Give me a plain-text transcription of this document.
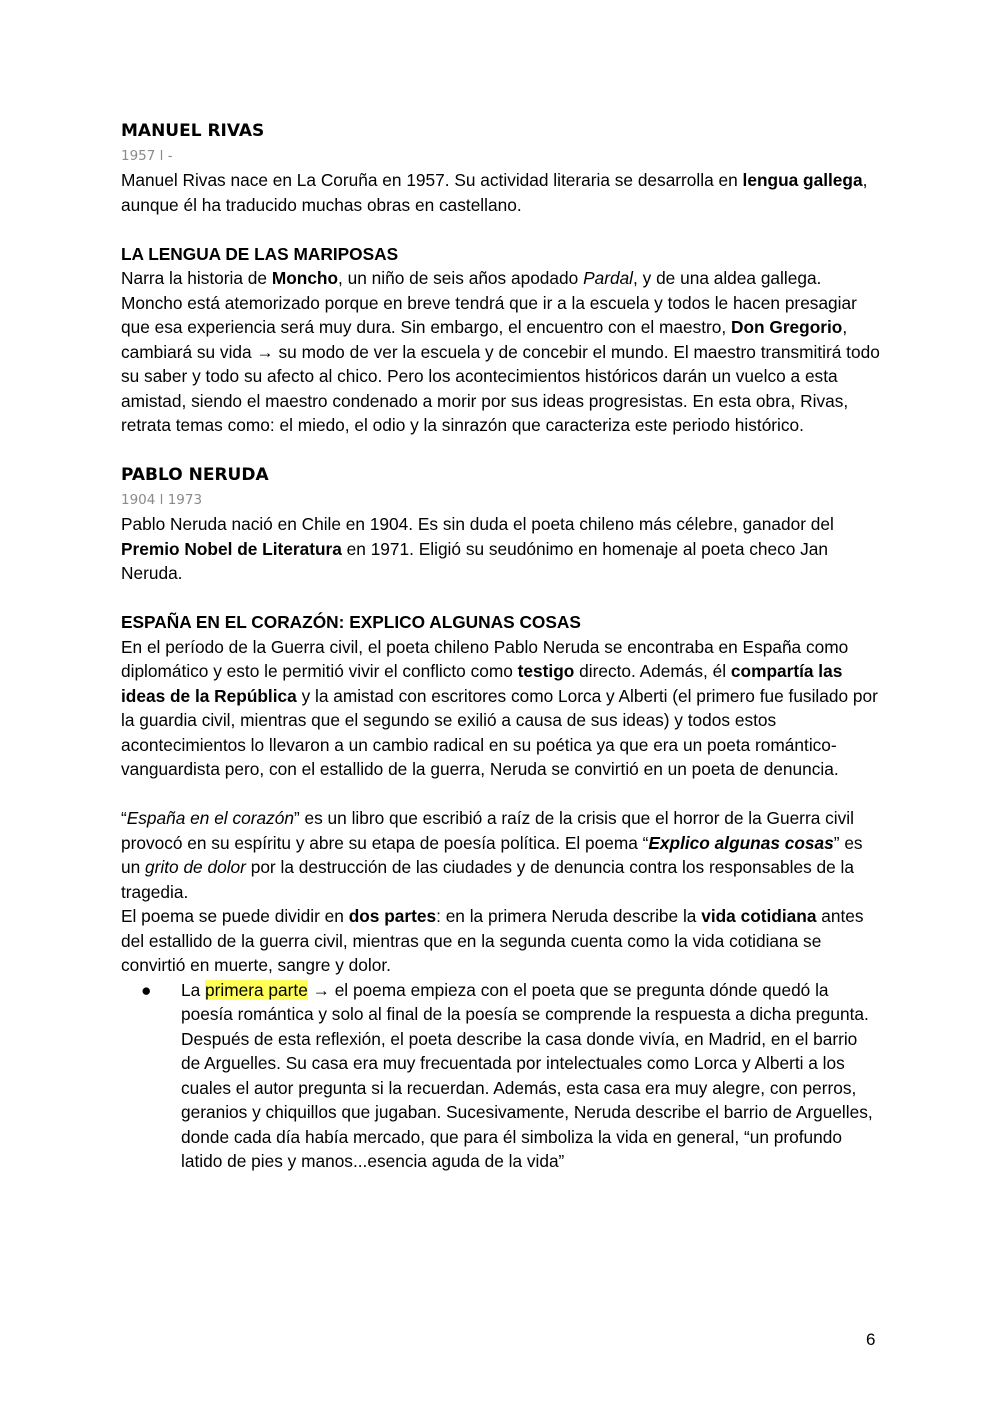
MANUEL RIVAS

1957 l -

Manuel Rivas nace en La Coruña en 1957. Su actividad literaria se desarrolla en lengua gallega, aunque él ha traducido muchas obras en castellano.

LA LENGUA DE LAS MARIPOSAS

Narra la historia de Moncho, un niño de seis años apodado Pardal, y de una aldea gallega. Moncho está atemorizado porque en breve tendrá que ir a la escuela y todos le hacen presagiar que esa experiencia será muy dura. Sin embargo, el encuentro con el maestro, Don Gregorio, cambiará su vida → su modo de ver la escuela y de concebir el mundo. El maestro transmitirá todo su saber y todo su afecto al chico. Pero los acontecimientos históricos darán un vuelco a esta amistad, siendo el maestro condenado a morir por sus ideas progresistas. En esta obra, Rivas, retrata temas como: el miedo, el odio y la sinrazón que caracteriza este periodo histórico.

PABLO NERUDA

1904 l 1973

Pablo Neruda nació en Chile en 1904. Es sin duda el poeta chileno más célebre, ganador del Premio Nobel de Literatura en 1971. Eligió su seudónimo en homenaje al poeta checo Jan Neruda.

ESPAÑA EN EL CORAZÓN: EXPLICO ALGUNAS COSAS

En el período de la Guerra civil, el poeta chileno Pablo Neruda se encontraba en España como diplomático y esto le permitió vivir el conflicto como testigo directo. Además, él compartía las ideas de la República y la amistad con escritores como Lorca y Alberti (el primero fue fusilado por la guardia civil, mientras que el segundo se exilió a causa de sus ideas) y todos estos acontecimientos lo llevaron a un cambio radical en su poética ya que era un poeta romántico-vanguardista pero, con el estallido de la guerra, Neruda se convirtió en un poeta de denuncia.

“España en el corazón” es un libro que escribió a raíz de la crisis que el horror de la Guerra civil provocó en su espíritu y abre su etapa de poesía política. El poema “Explico algunas cosas” es un grito de dolor por la destrucción de las ciudades y de denuncia contra los responsables de la tragedia.

El poema se puede dividir en dos partes: en la primera Neruda describe la vida cotidiana antes del estallido de la guerra civil, mientras que en la segunda cuenta como la vida cotidiana se convirtió en muerte, sangre y dolor.

● La primera parte → el poema empieza con el poeta que se pregunta dónde quedó la poesía romántica y solo al final de la poesía se comprende la respuesta a dicha pregunta. Después de esta reflexión, el poeta describe la casa donde vivía, en Madrid, en el barrio de Arguelles. Su casa era muy frecuentada por intelectuales como Lorca y Alberti a los cuales el autor pregunta si la recuerdan. Además, esta casa era muy alegre, con perros, geranios y chiquillos que jugaban. Sucesivamente, Neruda describe el barrio de Arguelles, donde cada día había mercado, que para él simboliza la vida en general, “un profundo latido de pies y manos...esencia aguda de la vida”
6
